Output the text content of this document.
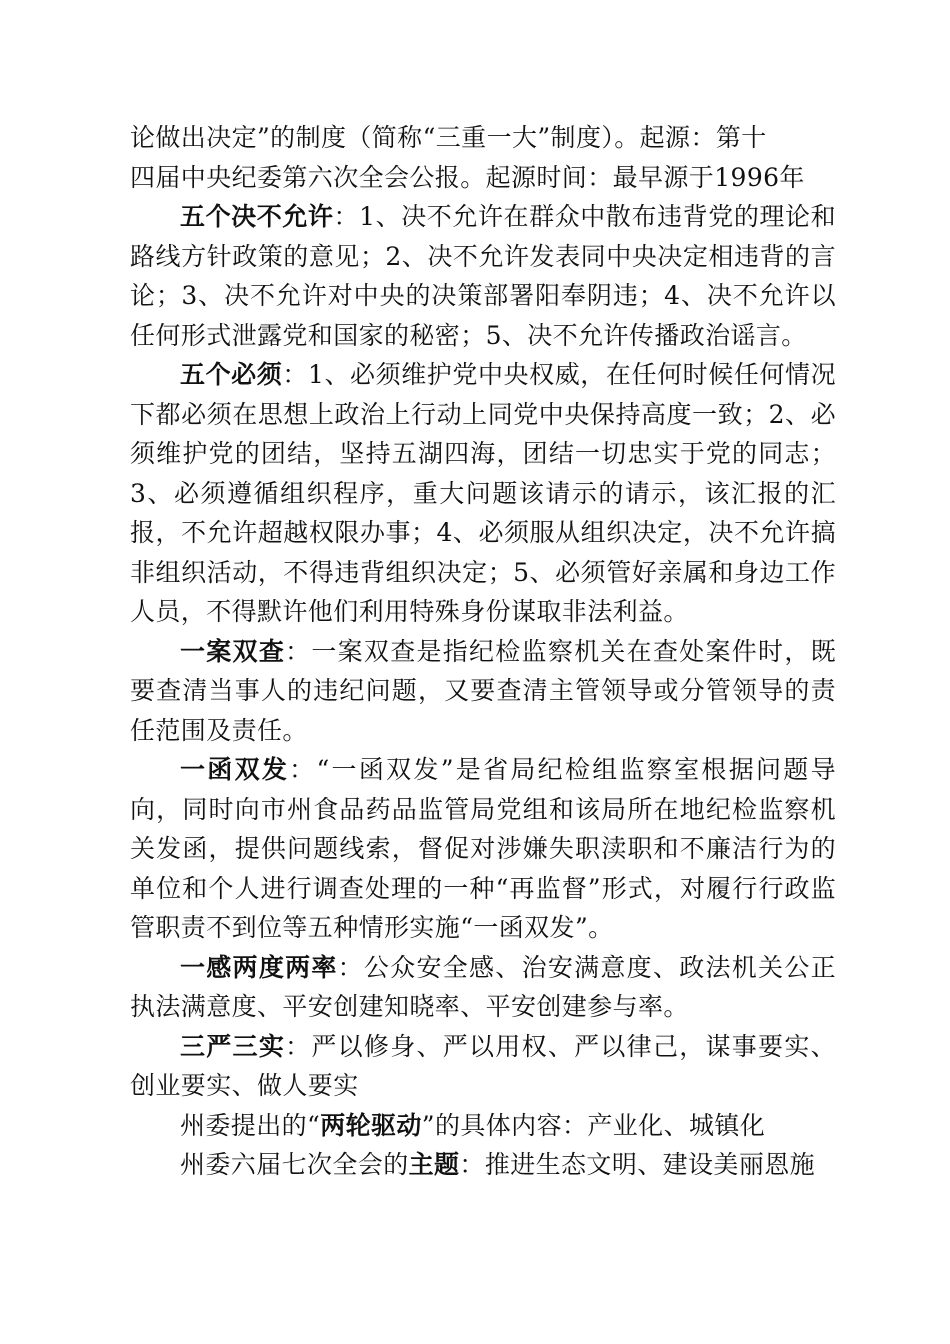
论做出决定”的制度（简称“三重一大”制度）。起源：第十
四届中央纪委第六次全会公报。起源时间：最早源于1996年

五个决不允许：1、决不允许在群众中散布违背党的理论和路线方针政策的意见；2、决不允许发表同中央决定相违背的言论；3、决不允许对中央的决策部署阳奉阴违；4、决不允许以任何形式泄露党和国家的秘密；5、决不允许传播政治谣言。

五个必须：1、必须维护党中央权威，在任何时候任何情况下都必须在思想上政治上行动上同党中央保持高度一致；2、必须维护党的团结，坚持五湖四海，团结一切忠实于党的同志；3、必须遵循组织程序，重大问题该请示的请示，该汇报的汇报，不允许超越权限办事；4、必须服从组织决定，决不允许搞非组织活动，不得违背组织决定；5、必须管好亲属和身边工作人员，不得默许他们利用特殊身份谋取非法利益。

一案双查：一案双查是指纪检监察机关在查处案件时，既要查清当事人的违纪问题，又要查清主管领导或分管领导的责任范围及责任。

一函双发：“一函双发”是省局纪检组监察室根据问题导向，同时向市州食品药品监管局党组和该局所在地纪检监察机关发函，提供问题线索，督促对涉嫌失职渎职和不廉洁行为的单位和个人进行调查处理的一种“再监督”形式，对履行行政监管职责不到位等五种情形实施“一函双发”。

一感两度两率：公众安全感、治安满意度、政法机关公正执法满意度、平安创建知晓率、平安创建参与率。

三严三实：严以修身、严以用权、严以律己，谋事要实、创业要实、做人要实

州委提出的“两轮驱动”的具体内容：产业化、城镇化

州委六届七次全会的主题：推进生态文明、建设美丽恩施
